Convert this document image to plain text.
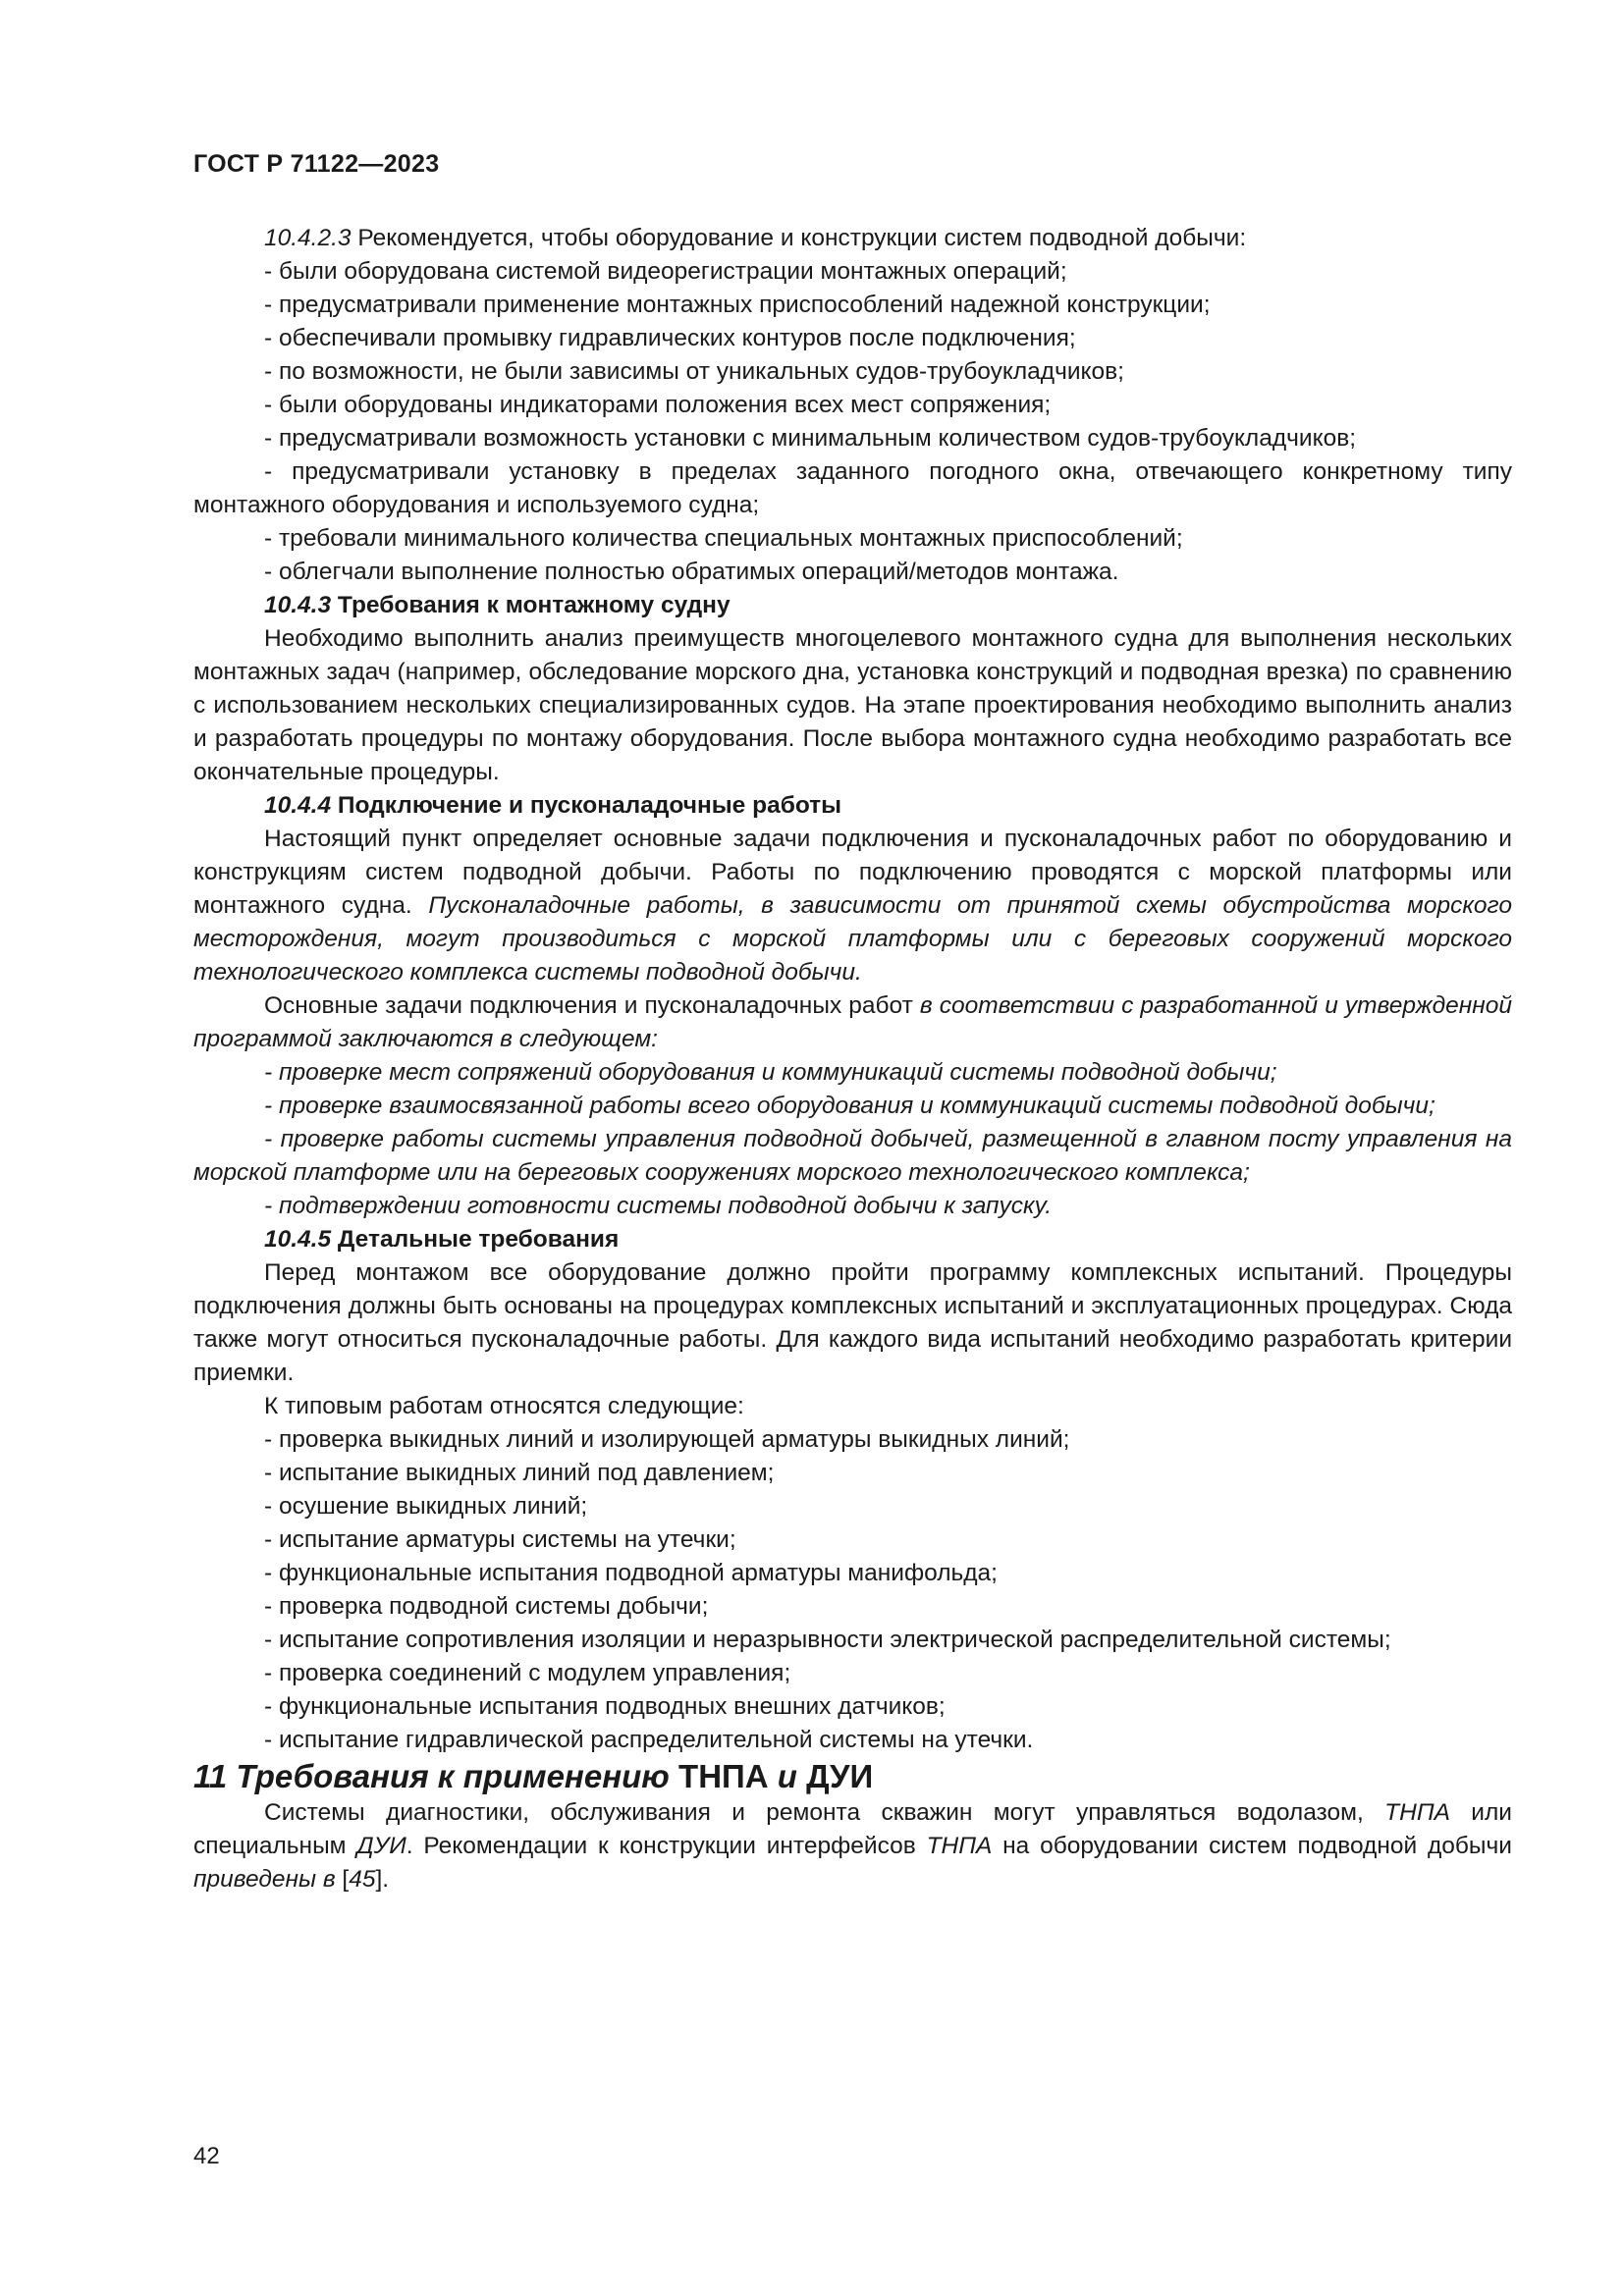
ГОСТ Р 71122—2023

10.4.2.3 Рекомендуется, чтобы оборудование и конструкции систем подводной добычи:

- были оборудована системой видеорегистрации монтажных операций;

- предусматривали применение монтажных приспособлений надежной конструкции;

- обеспечивали промывку гидравлических контуров после подключения;

- по возможности, не были зависимы от уникальных судов-трубоукладчиков;

- были оборудованы индикаторами положения всех мест сопряжения;

- предусматривали возможность установки с минимальным количеством судов-трубоукладчиков;

- предусматривали установку в пределах заданного погодного окна, отвечающего конкретному типу монтажного оборудования и используемого судна;

- требовали минимального количества специальных монтажных приспособлений;

- облегчали выполнение полностью обратимых операций/методов монтажа.

10.4.3 Требования к монтажному судну

Необходимо выполнить анализ преимуществ многоцелевого монтажного судна для выполнения нескольких монтажных задач (например, обследование морского дна, установка конструкций и подводная врезка) по сравнению с использованием нескольких специализированных судов. На этапе проектирования необходимо выполнить анализ и разработать процедуры по монтажу оборудования. После выбора монтажного судна необходимо разработать все окончательные процедуры.

10.4.4 Подключение и пусконаладочные работы

Настоящий пункт определяет основные задачи подключения и пусконаладочных работ по оборудованию и конструкциям систем подводной добычи. Работы по подключению проводятся с морской платформы или монтажного судна. Пусконаладочные работы, в зависимости от принятой схемы обустройства морского месторождения, могут производиться с морской платформы или с береговых сооружений морского технологического комплекса системы подводной добычи.

Основные задачи подключения и пусконаладочных работ в соответствии с разработанной и утвержденной программой заключаются в следующем:

- проверке мест сопряжений оборудования и коммуникаций системы подводной добычи;

- проверке взаимосвязанной работы всего оборудования и коммуникаций системы подводной добычи;

- проверке работы системы управления подводной добычей, размещенной в главном посту управления на морской платформе или на береговых сооружениях морского технологического комплекса;

- подтверждении готовности системы подводной добычи к запуску.

10.4.5 Детальные требования

Перед монтажом все оборудование должно пройти программу комплексных испытаний. Процедуры подключения должны быть основаны на процедурах комплексных испытаний и эксплуатационных процедурах. Сюда также могут относиться пусконаладочные работы. Для каждого вида испытаний необходимо разработать критерии приемки.

К типовым работам относятся следующие:

- проверка выкидных линий и изолирующей арматуры выкидных линий;

- испытание выкидных линий под давлением;

- осушение выкидных линий;

- испытание арматуры системы на утечки;

- функциональные испытания подводной арматуры манифольда;

- проверка подводной системы добычи;

- испытание сопротивления изоляции и неразрывности электрической распределительной системы;

- проверка соединений с модулем управления;

- функциональные испытания подводных внешних датчиков;

- испытание гидравлической распределительной системы на утечки.

11 Требования к применению ТНПА и ДУИ

Системы диагностики, обслуживания и ремонта скважин могут управляться водолазом, ТНПА или специальным ДУИ. Рекомендации к конструкции интерфейсов ТНПА на оборудовании систем подводной добычи приведены в [45].

42
